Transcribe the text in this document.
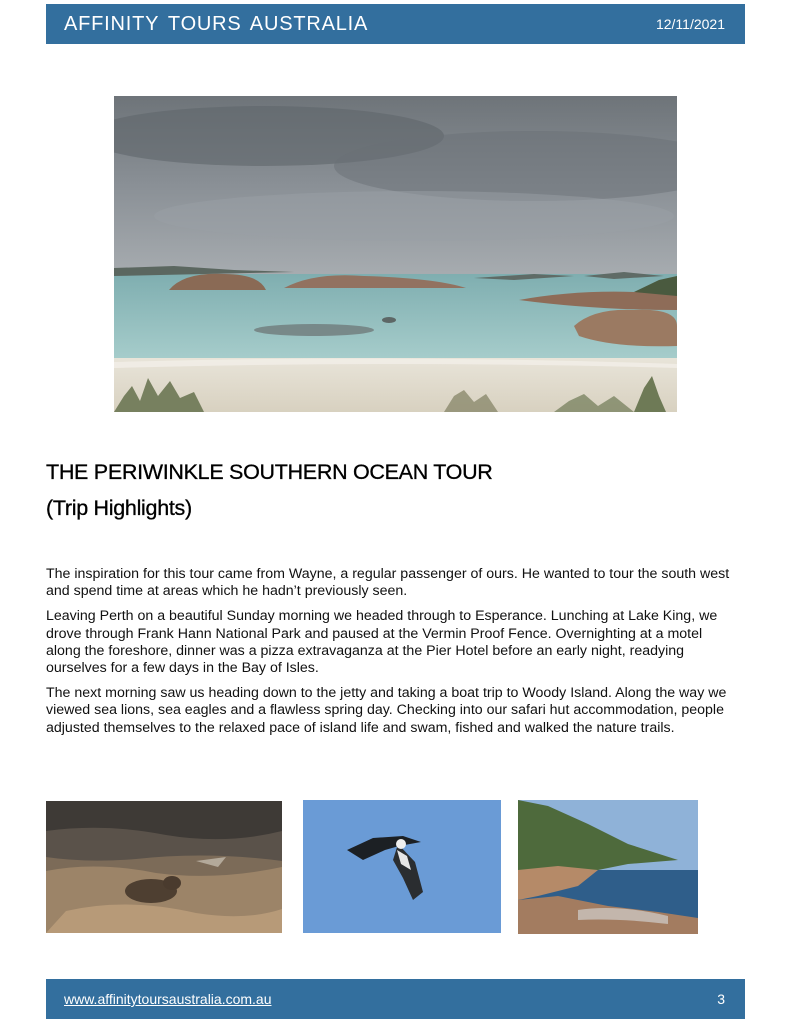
AFFINITY TOURS AUSTRALIA	12/11/2021
THE PERIWINKLE SOUTHERN OCEAN TOUR
(Trip Highlights)

The inspiration for this tour came from Wayne, a regular passenger of ours. He wanted to tour the south west and spend time at areas which he hadn’t previously seen.

Leaving Perth on a beautiful Sunday morning we headed through to Esperance. Lunching at Lake King, we drove through Frank Hann National Park and paused at the Vermin Proof Fence. Overnighting at a motel along the foreshore, dinner was a pizza extravaganza at the Pier Hotel before an early night, readying ourselves for a few days in the Bay of Isles.

The next morning saw us heading down to the jetty and taking a boat trip to Woody Island. Along the way we viewed sea lions, sea eagles and a flawless spring day. Checking into our safari hut accommodation, people adjusted themselves to the relaxed pace of island life and swam, fished and walked the nature trails.

www.affinitytoursaustralia.com.au	3
